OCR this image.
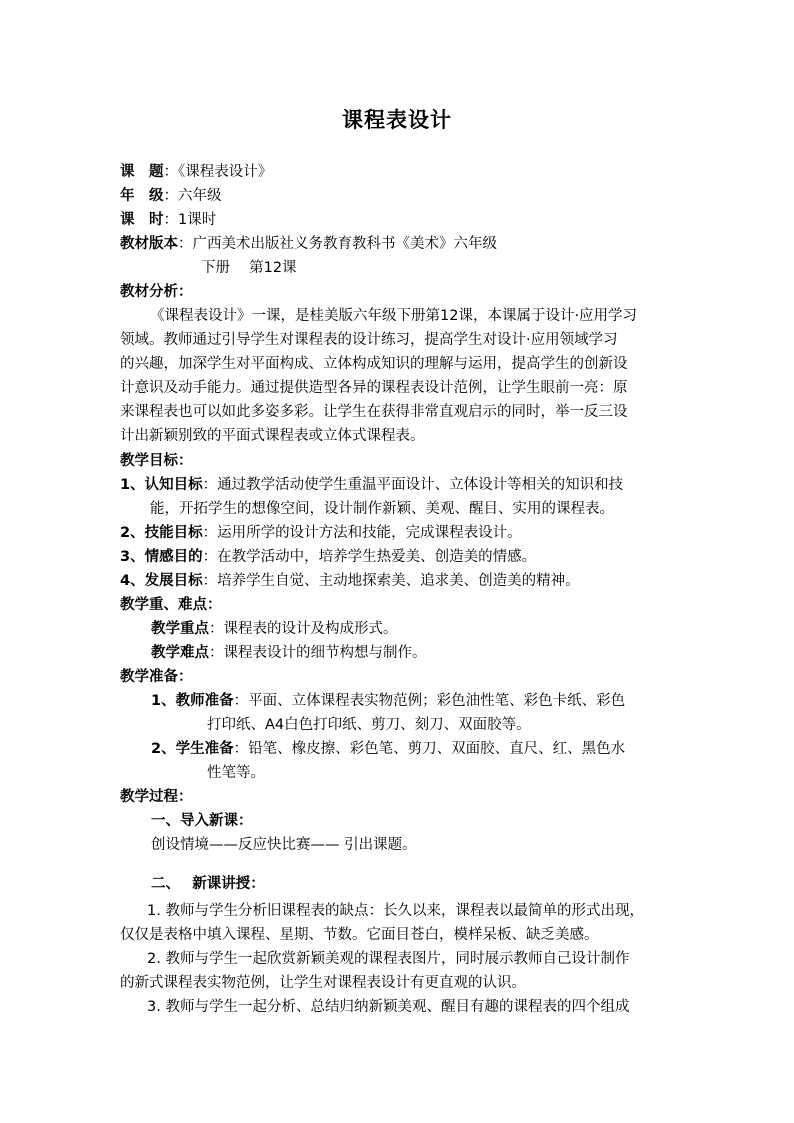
课程表设计
课　题：《课程表设计》
年　级：六年级
课　时：1课时
教材版本：广西美术出版社义务教育教科书《美术》六年级
下册　 第12课
教材分析：
《课程表设计》一课，是桂美版六年级下册第12课，本课属于设计·应用学习
领域。教师通过引导学生对课程表的设计练习，提高学生对设计·应用领域学习
的兴趣，加深学生对平面构成、立体构成知识的理解与运用，提高学生的创新设
计意识及动手能力。通过提供造型各异的课程表设计范例，让学生眼前一亮：原
来课程表也可以如此多姿多彩。让学生在获得非常直观启示的同时，举一反三设
计出新颖别致的平面式课程表或立体式课程表。
教学目标：
1、认知目标：通过教学活动使学生重温平面设计、立体设计等相关的知识和技
能，开拓学生的想像空间，设计制作新颖、美观、醒目、实用的课程表。
2、技能目标：运用所学的设计方法和技能，完成课程表设计。
3、情感目的：在教学活动中，培养学生热爱美、创造美的情感。
4、发展目标：培养学生自觉、主动地探索美、追求美、创造美的精神。
教学重、难点：
教学重点：课程表的设计及构成形式。
教学难点：课程表设计的细节构想与制作。
教学准备：
1、教师准备：平面、立体课程表实物范例；彩色油性笔、彩色卡纸、彩色
打印纸、A4白色打印纸、剪刀、刻刀、双面胶等。
2、学生准备：铅笔、橡皮擦、彩色笔、剪刀、双面胶、直尺、红、黑色水
性笔等。
教学过程：
一、导入新课：
创设情境——反应快比赛—— 引出课题。
二、　 新课讲授：
1. 教师与学生分析旧课程表的缺点：长久以来，课程表以最简单的形式出现，
仅仅是表格中填入课程、星期、节数。它面目苍白，模样呆板、缺乏美感。
2. 教师与学生一起欣赏新颖美观的课程表图片，同时展示教师自己设计制作
的新式课程表实物范例，让学生对课程表设计有更直观的认识。
3. 教师与学生一起分析、总结归纳新颖美观、醒目有趣的课程表的四个组成
